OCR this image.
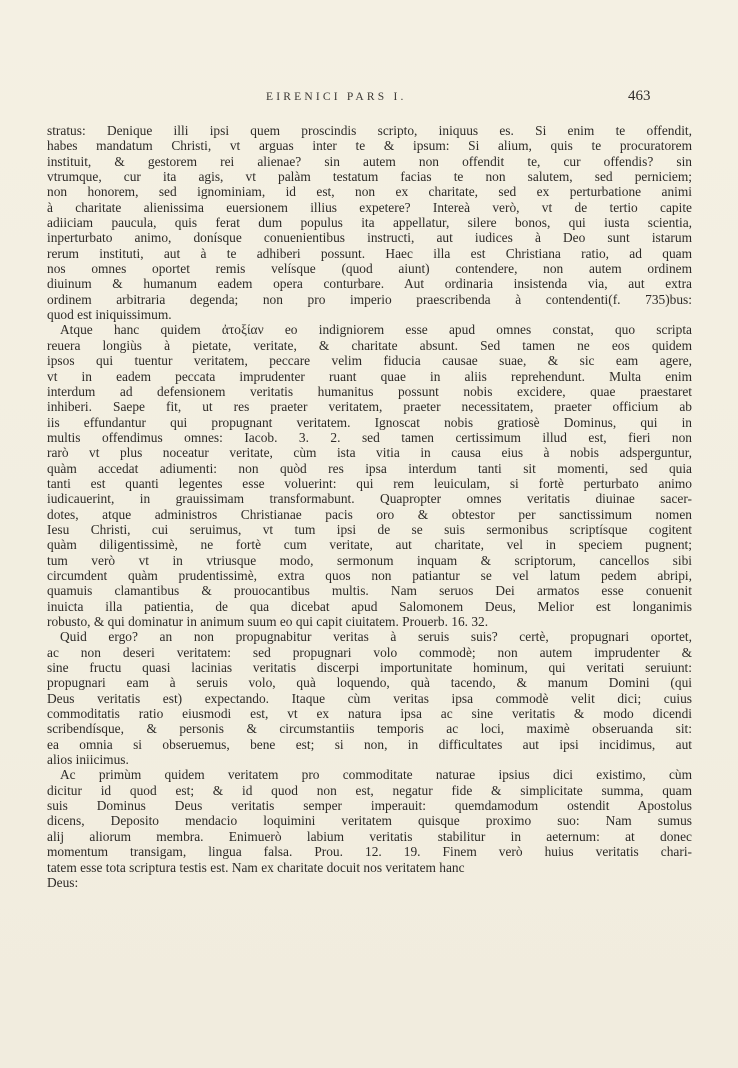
EIRENICI PARS I.	463

stratus: Denique illi ipsi quem proscindis scripto, iniquus es. Si enim te offendit,

habes mandatum Christi, vt arguas inter te & ipsum: Si alium, quis te procuratorem

instituit, & gestorem rei alienae? sin autem non offendit te, cur offendis? sin

vtrumque, cur ita agis, vt palàm testatum facias te non salutem, sed perniciem;

non honorem, sed ignominiam, id est, non ex charitate, sed ex perturbatione animi

à charitate alienissima euersionem illius expetere? Intereà verò, vt de tertio capite

adiiciam paucula, quis ferat dum populus ita appellatur, silere bonos, qui iusta scientia,

inperturbato animo, donísque conuenientibus instructi, aut iudices à Deo sunt istarum

rerum instituti, aut à te adhiberi possunt. Haec illa est Christiana ratio, ad quam

nos omnes oportet remis velísque (quod aiunt) contendere, non autem ordinem

diuinum & humanum eadem opera conturbare. Aut ordinaria insistenda via, aut extra

ordinem arbitraria degenda; non pro imperio praescribenda à contendenti(f. 735)bus:

quod est iniquissimum.

Atque hanc quidem ἀτοξίαν eo indigniorem esse apud omnes constat, quo scripta

reuera longiùs à pietate, veritate, & charitate absunt. Sed tamen ne eos quidem

ipsos qui tuentur veritatem, peccare velim fiducia causae suae, & sic eam agere,

vt in eadem peccata imprudenter ruant quae in aliis reprehendunt. Multa enim

interdum ad defensionem veritatis humanitus possunt nobis excidere, quae praestaret

inhiberi. Saepe fit, ut res praeter veritatem, praeter necessitatem, praeter officium ab

iis effundantur qui propugnant veritatem. Ignoscat nobis gratiosè Dominus, qui in

multis offendimus omnes: Iacob. 3. 2. sed tamen certissimum illud est, fieri non

rarò vt plus noceatur veritate, cùm ista vitia in causa eius à nobis adsperguntur,

quàm accedat adiumenti: non quòd res ipsa interdum tanti sit momenti, sed quia

tanti est quanti legentes esse voluerint: qui rem leuiculam, si fortè perturbato animo

iudicauerint, in grauissimam transformabunt. Quapropter omnes veritatis diuinae sacer-

dotes, atque administros Christianae pacis oro & obtestor per sanctissimum nomen

Iesu Christi, cui seruimus, vt tum ipsi de se suis sermonibus scriptísque cogitent

quàm diligentissimè, ne fortè cum veritate, aut charitate, vel in speciem pugnent;

tum verò vt in vtriusque modo, sermonum inquam & scriptorum, cancellos sibi

circumdent quàm prudentissimè, extra quos non patiantur se vel latum pedem abripi,

quamuis clamantibus & prouocantibus multis. Nam seruos Dei armatos esse conuenit

inuicta illa patientia, de qua dicebat apud Salomonem Deus, Melior est longanimis

robusto, & qui dominatur in animum suum eo qui capit ciuitatem. Prouerb. 16. 32.

Quid ergo? an non propugnabitur veritas à seruis suis? certè, propugnari oportet,

ac non deseri veritatem: sed propugnari volo commodè; non autem imprudenter &

sine fructu quasi lacinias veritatis discerpi importunitate hominum, qui veritati seruiunt:

propugnari eam à seruis volo, quà loquendo, quà tacendo, & manum Domini (qui

Deus veritatis est) expectando. Itaque cùm veritas ipsa commodè velit dici; cuius

commoditatis ratio eiusmodi est, vt ex natura ipsa ac sine veritatis & modo dicendi

scribendísque, & personis & circumstantiis temporis ac loci, maximè obseruanda sit:

ea omnia si obseruemus, bene est; si non, in difficultates aut ipsi incidimus, aut

alios iniicimus.

Ac primùm quidem veritatem pro commoditate naturae ipsius dici existimo, cùm

dicitur id quod est; & id quod non est, negatur fide & simplicitate summa, quam

suis Dominus Deus veritatis semper imperauit: quemdamodum ostendit Apostolus

dicens, Deposito mendacio loquimini veritatem quisque proximo suo: Nam sumus

alij aliorum membra. Enimuerò labium veritatis stabilitur in aeternum: at donec

momentum transigam, lingua falsa. Prou. 12. 19. Finem verò huius veritatis chari-

tatem esse tota scriptura testis est. Nam ex charitate docuit nos veritatem hanc

Deus:
